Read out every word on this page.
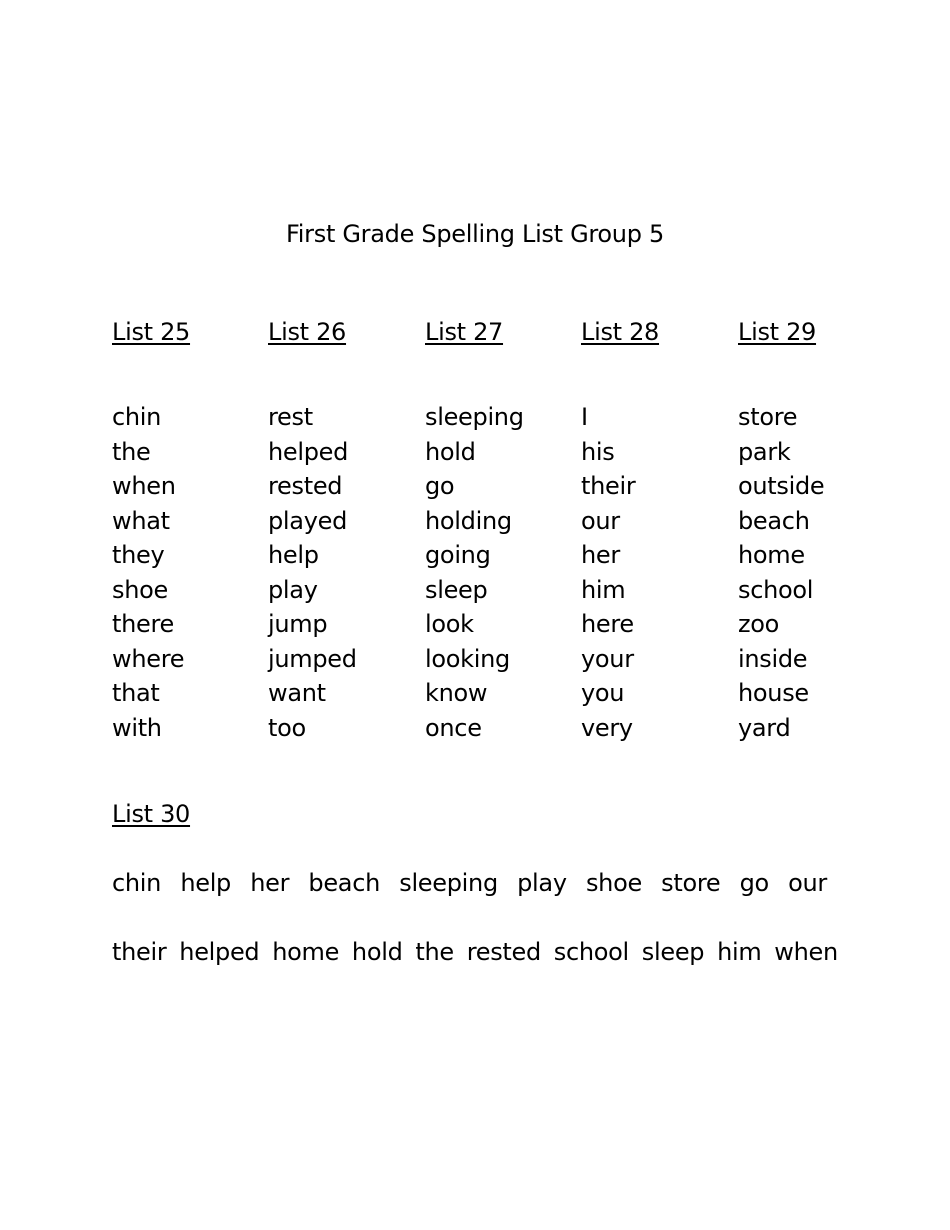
First Grade Spelling List Group 5
List 25
chin
the
when
what
they
shoe
there
where
that
with
List 26
rest
helped
rested
played
help
play
jump
jumped
want
too
List 27
sleeping
hold
go
holding
going
sleep
look
looking
know
once
List 28
I
his
their
our
her
him
here
your
you
very
List 29
store
park
outside
beach
home
school
zoo
inside
house
yard
List 30
chin help her beach sleeping play shoe store go our
their helped home hold the rested school sleep him when
